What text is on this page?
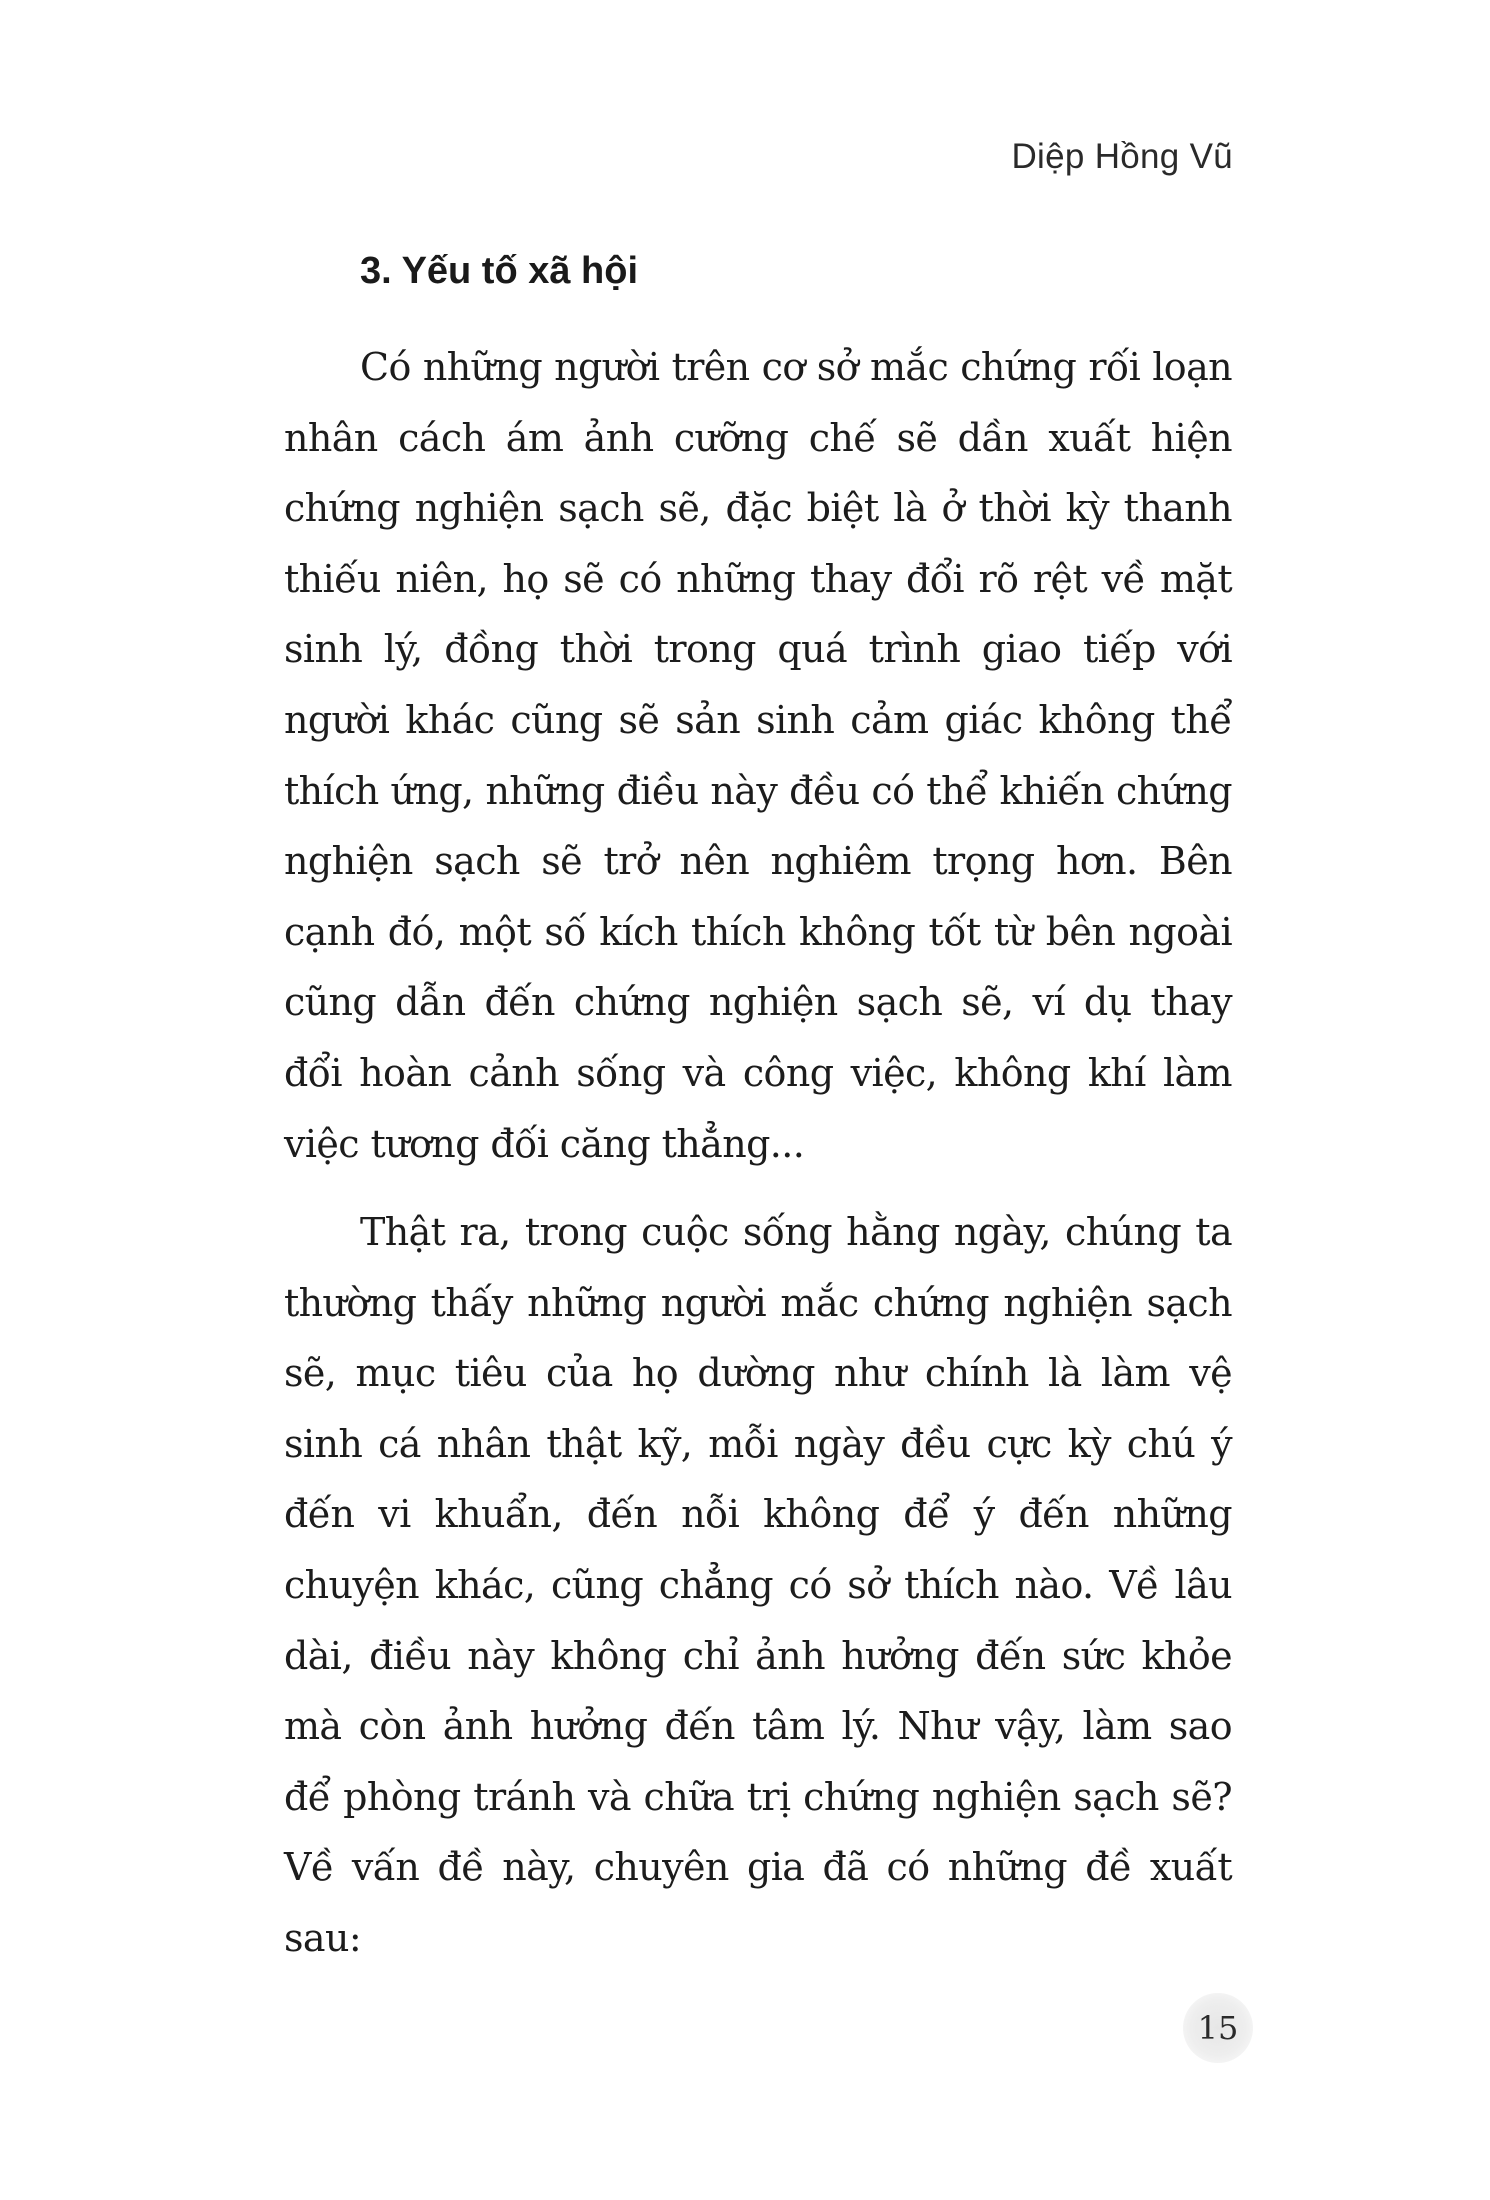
Diệp Hồng Vũ
3. Yếu tố xã hội

Có những người trên cơ sở mắc chứng rối loạn nhân cách ám ảnh cưỡng chế sẽ dần xuất hiện chứng nghiện sạch sẽ, đặc biệt là ở thời kỳ thanh thiếu niên, họ sẽ có những thay đổi rõ rệt về mặt sinh lý, đồng thời trong quá trình giao tiếp với người khác cũng sẽ sản sinh cảm giác không thể thích ứng, những điều này đều có thể khiến chứng nghiện sạch sẽ trở nên nghiêm trọng hơn. Bên cạnh đó, một số kích thích không tốt từ bên ngoài cũng dẫn đến chứng nghiện sạch sẽ, ví dụ thay đổi hoàn cảnh sống và công việc, không khí làm việc tương đối căng thẳng...

Thật ra, trong cuộc sống hằng ngày, chúng ta thường thấy những người mắc chứng nghiện sạch sẽ, mục tiêu của họ dường như chính là làm vệ sinh cá nhân thật kỹ, mỗi ngày đều cực kỳ chú ý đến vi khuẩn, đến nỗi không để ý đến những chuyện khác, cũng chẳng có sở thích nào. Về lâu dài, điều này không chỉ ảnh hưởng đến sức khỏe mà còn ảnh hưởng đến tâm lý. Như vậy, làm sao để phòng tránh và chữa trị chứng nghiện sạch sẽ? Về vấn đề này, chuyên gia đã có những đề xuất sau:

15
